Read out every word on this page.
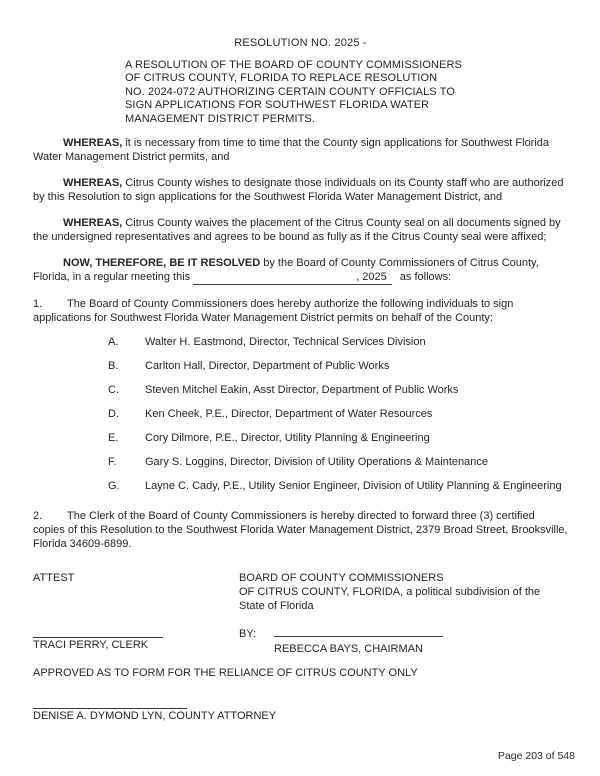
RESOLUTION NO. 2025 -
A RESOLUTION OF THE BOARD OF COUNTY COMMISSIONERS
OF CITRUS COUNTY, FLORIDA TO REPLACE RESOLUTION
NO. 2024-072 AUTHORIZING CERTAIN COUNTY OFFICIALS TO
SIGN APPLICATIONS FOR SOUTHWEST FLORIDA WATER
MANAGEMENT DISTRICT PERMITS.

WHEREAS, it is necessary from time to time that the County sign applications for Southwest Florida Water Management District permits, and

WHEREAS, Citrus County wishes to designate those individuals on its County staff who are authorized by this Resolution to sign applications for the Southwest Florida Water Management District, and

WHEREAS, Citrus County waives the placement of the Citrus County seal on all documents signed by the undersigned representatives and agrees to be bound as fully as if the Citrus County seal were affixed;

NOW, THEREFORE, BE IT RESOLVED by the Board of County Commissioners of Citrus County, Florida, in a regular meeting this	, 2025 as follows:

1. The Board of County Commissioners does hereby authorize the following individuals to sign applications for Southwest Florida Water Management District permits on behalf of the County:

A. Walter H. Eastmond, Director, Technical Services Division
B. Carlton Hall, Director, Department of Public Works
C. Steven Mitchel Eakin, Asst Director, Department of Public Works
D. Ken Cheek, P.E., Director, Department of Water Resources
E. Cory Dilmore, P.E., Director, Utility Planning & Engineering
F.	Gary S. Loggins, Director, Division of Utility Operations & Maintenance
G. Layne C. Cady, P.E., Utility Senior Engineer, Division of Utility Planning & Engineering

2. The Clerk of the Board of County Commissioners is hereby directed to forward three (3) certified copies of this Resolution to the Southwest Florida Water Management District, 2379 Broad Street, Brooksville, Florida 34609-6899.

ATTEST
TRACI PERRY, CLERK
BOARD OF COUNTY COMMISSIONERS
OF CITRUS COUNTY, FLORIDA, a political subdivision of the
State of Florida
BY:
REBECCA BAYS, CHAIRMAN

APPROVED AS TO FORM FOR THE RELIANCE OF CITRUS COUNTY ONLY

DENISE A. DYMOND LYN, COUNTY ATTORNEY
Page 203 of 548
